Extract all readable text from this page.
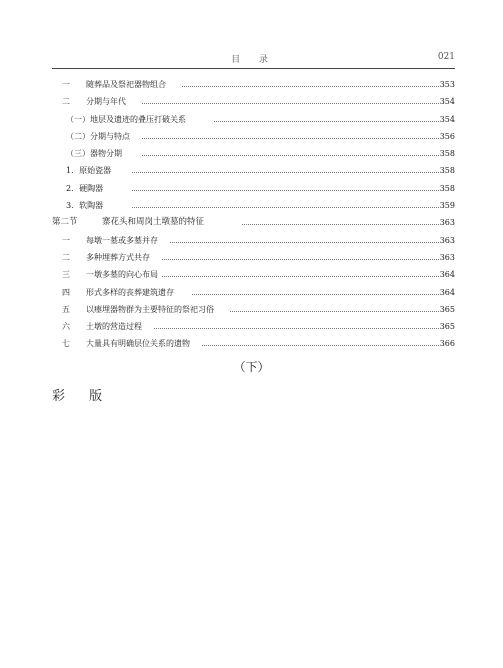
目 录	021
一 随葬品及祭祀器物组合	353
二 分期与年代	354
（一）地层及遗迹的叠压打破关系	354
（二）分期与特点	356
（三）器物分期	358
1．原始瓷器	358
2．硬陶器	358
3．软陶器	359
第二节	寨花头和周岗土墩墓的特征	363
一 每墩一墓或多墓并存	363
二 多种埋葬方式共存	363
三 一墩多墓的向心布局	364
四 形式多样的丧葬建筑遗存	364
五 以瘞埋器物群为主要特征的祭祀习俗	365
六 土墩的营造过程	365
七 大量具有明确层位关系的遗物	366
（下）
彩 版
